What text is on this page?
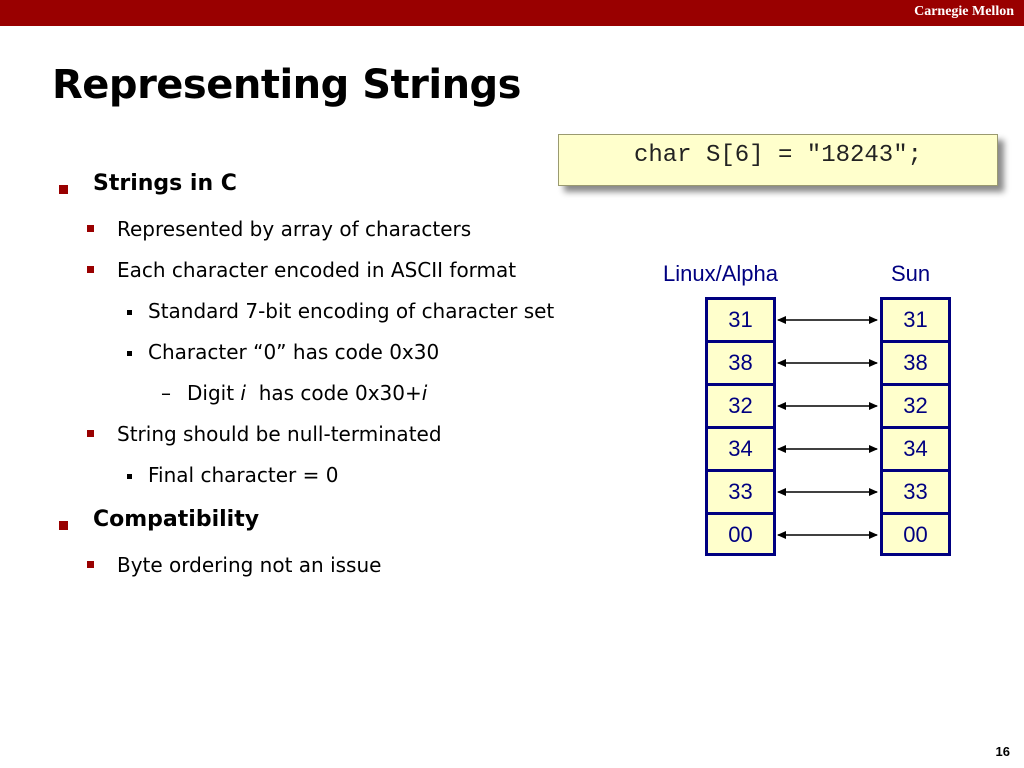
Carnegie Mellon
Representing Strings
char S[6] = "18243";
Strings in C
Represented by array of characters
Each character encoded in ASCII format
Standard 7-bit encoding of character set
Character “0” has code 0x30
– Digit i  has code 0x30+i
String should be null-terminated
Final character = 0
Compatibility
Byte ordering not an issue
Linux/Alpha	Sun
31
38
32
34
33
00
31
38
32
34
33
00
16
